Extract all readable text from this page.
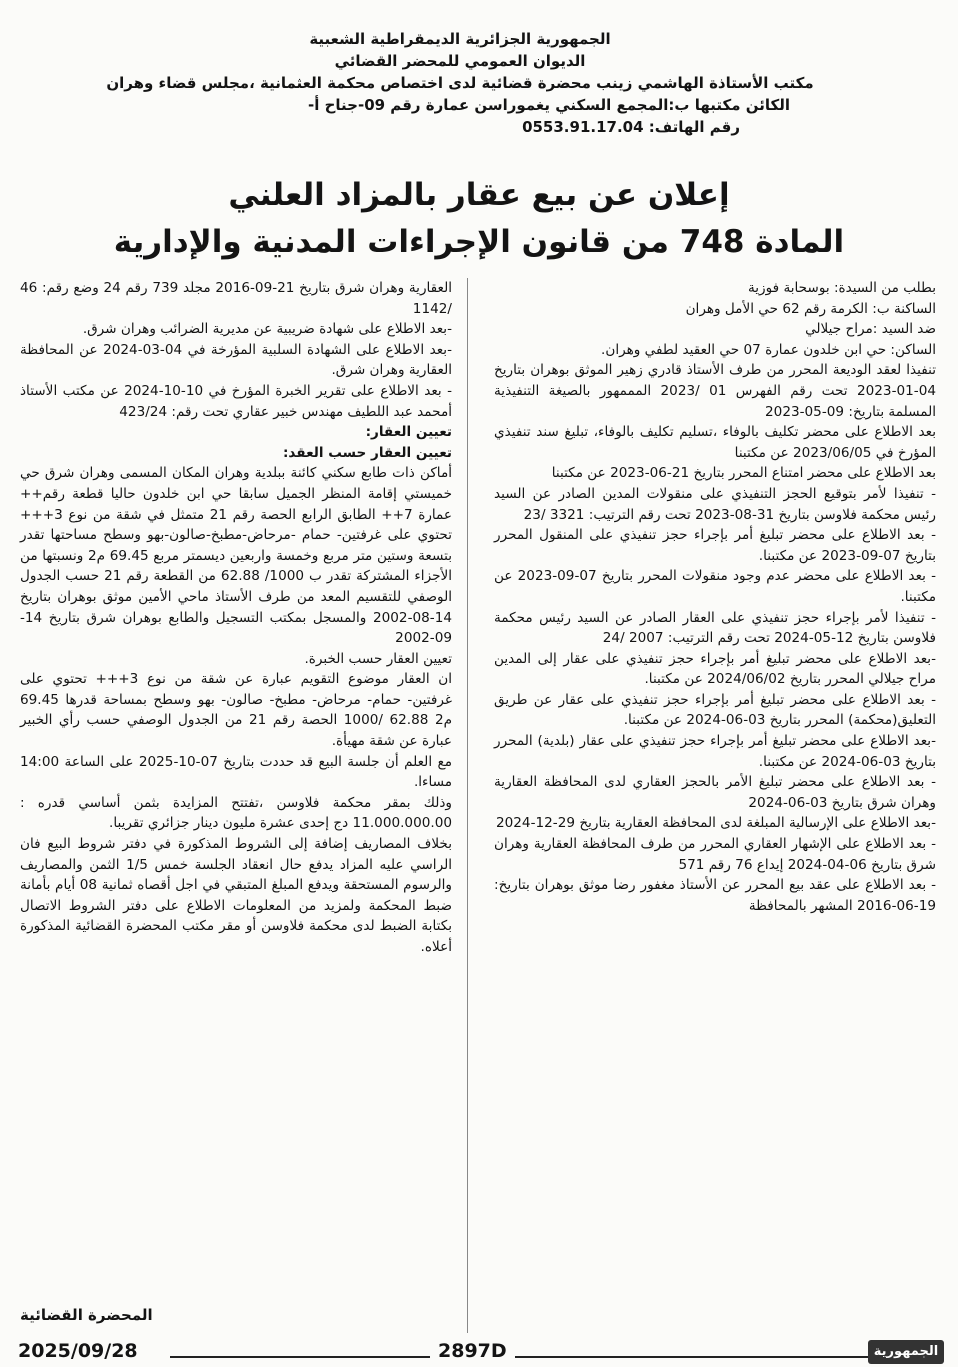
الجمهورية الجزائرية الديمقراطية الشعبية
الديوان العمومي للمحضر القضائي
مكتب الأستاذة الهاشمي زينب محضرة قضائية لدى اختصاص محكمة العثمانية ،مجلس قضاء وهران
الكائن مكتبها ب:المجمع السكني يغموراسن عمارة رقم 09-جناح أ-
رقم الهاتف: 0553.91.17.04
إعلان عن بيع عقار بالمزاد العلني
المادة 748 من قانون الإجراءات المدنية والإدارية

بطلب من السيدة: بوسحابة فوزية

الساكنة ب: الكرمة رقم 62 حي الأمل وهران

ضد السيد :مراح جيلالي

الساكن: حي ابن خلدون عمارة 07 حي العقيد لطفي وهران.

تنفيذا لعقد الوديعة المحرر من طرف الأستاذ قادري زهير الموثق بوهران بتاريخ 04-01-2023 تحت رقم الفهرس 01 /2023 المممهور بالصيغة التنفيذية المسلمة بتاريخ: 09-05-2023

بعد الاطلاع على محضر تكليف بالوفاء ،تسليم تكليف بالوفاء، تبليغ سند تنفيذي المؤرخ في 2023/06/05 عن مكتبنا

بعد الاطلاع على محضر امتناع المحرر بتاريخ 21-06-2023 عن مكتبنا

- تنفيذا لأمر بتوقيع الحجز التنفيذي على منقولات المدين الصادر عن السيد رئيس محكمة فلاوسن بتاريخ 31-08-2023 تحت رقم الترتيب: 3321 /23

- بعد الاطلاع على محضر تبليغ أمر بإجراء حجز تنفيذي على المنقول المحرر بتاريخ 07-09-2023 عن مكتبنا.

- بعد الاطلاع على محضر عدم وجود منقولات المحرر بتاريخ 07-09-2023 عن مكتبنا.

- تنفيذا لأمر بإجراء حجز تنفيذي على العقار الصادر عن السيد رئيس محكمة فلاوسن بتاريخ 12-05-2024 تحت رقم الترتيب: 2007 /24

-بعد الاطلاع على محضر تبليغ أمر بإجراء حجز تنفيذي على عقار إلى المدين مراح جيلالي المحرر بتاريخ 2024/06/02 عن مكتبنا.

- بعد الاطلاع على محضر تبليغ أمر بإجراء حجز تنفيذي على عقار عن طريق التعليق(محكمة) المحرر بتاريخ 03-06-2024 عن مكتبنا.

-بعد الاطلاع على محضر تبليغ أمر بإجراء حجز تنفيذي على عقار (بلدية) المحرر بتاريخ 03-06-2024 عن مكتبنا.

- بعد الاطلاع على محضر تبليغ الأمر بالحجز العقاري لدى المحافظة العقارية وهران شرق بتاريخ 03-06-2024

-بعد الاطلاع على الإرسالية المبلغة لدى المحافظة العقارية بتاريخ 29-12-2024

- بعد الاطلاع على الإشهار العقاري المحرر من طرف المحافظة العقارية وهران شرق بتاريخ 06-04-2024 إيداع 76 رقم 571

- بعد الاطلاع على عقد بيع المحرر عن الأستاذ مغفور رضا موثق بوهران بتاريخ: 19-06-2016 المشهر بالمحافظة

العقارية وهران شرق بتاريخ 21-09-2016 مجلد 739 رقم 24 وضع رقم: 46 /1142

-بعد الاطلاع على شهادة ضريبية عن مديرية الضرائب وهران شرق.

-بعد الاطلاع على الشهادة السلبية المؤرخة في 04-03-2024 عن المحافظة العقارية وهران شرق.

- بعد الاطلاع على تقرير الخبرة المؤرخ في 10-10-2024 عن مكتب الأستاذ أمحمد عبد اللطيف مهندس خبير عقاري تحت رقم: 423/24

تعيين العقار:

تعيين العقار حسب العقد:

أماكن ذات طابع سكني كائنة ببلدية وهران المكان المسمى وهران شرق حي خميستي إقامة المنظر الجميل سابقا حي ابن خلدون حاليا قطعة رقم++ عمارة 7++ الطابق الرابع الحصة رقم 21 متمثل في شقة من نوع 3+++ تحتوي على غرفتين- حمام -مرحاض-مطبخ-صالون-بهو وسطح مساحتها تقدر بتسعة وستين متر مربع وخمسة واربعين ديسمتر مربع 69.45 م2 ونسبتها من الأجزاء المشتركة تقدر ب 1000/ 62.88 من القطعة رقم 21 حسب الجدول الوصفي للتقسيم المعد من طرف الأستاذ ماحي الأمين موثق بوهران بتاريخ 14-08-2002 والمسجل بمكتب التسجيل والطابع بوهران شرق بتاريخ 14-09-2002

تعيين العقار حسب الخبرة.

ان العقار موضوع التقويم عبارة عن شقة من نوع 3+++ تحتوي على غرفتين- حمام- مرحاض- مطبخ- صالون- بهو وسطح بمساحة قدرها 69.45 م2 62.88 /1000 الحصة رقم 21 من الجدول الوصفي حسب رأي الخبير عبارة عن شقة مهيأة.

مع العلم أن جلسة البيع قد حددت بتاريخ 07-10-2025 على الساعة 14:00 مساءا.

وذلك بمقر محكمة فلاوسن ،تفتتح المزايدة بثمن أساسي قدره : 11.000.000.00 دج إحدى عشرة مليون دينار جزائري تقريبا.

بخلاف المصاريف إضافة إلى الشروط المذكورة في دفتر شروط البيع فان الراسي عليه المزاد يدفع حال انعقاد الجلسة خمس 1/5 الثمن والمصاريف والرسوم المستحقة ويدفع المبلغ المتبقي في اجل أقصاه ثمانية 08 أيام بأمانة ضبط المحكمة ولمزيد من المعلومات الاطلاع على دفتر الشروط الاتصال بكتابة الضبط لدى محكمة فلاوسن أو مقر مكتب المحضرة القضائية المذكورة أعلاه.

المحضرة القضائية
2025/09/28	2897D	الجمهورية
